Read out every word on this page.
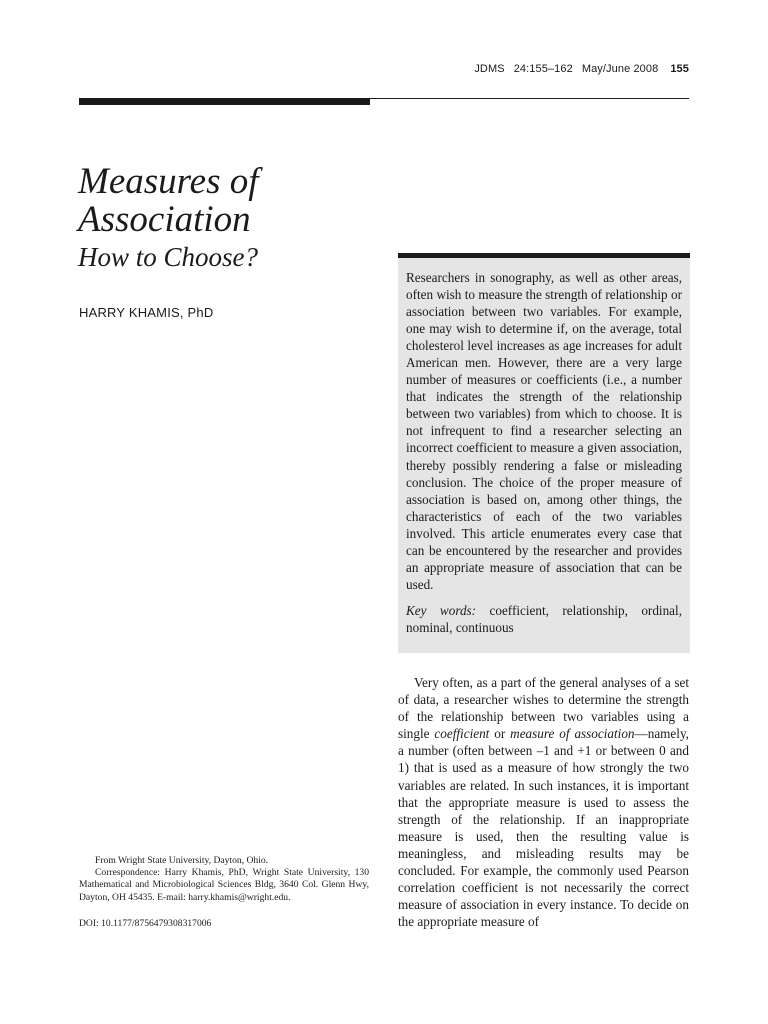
JDMS 24:155–162 May/June 2008 155
Measures of
Association
How to Choose?
HARRY KHAMIS, PhD

Researchers in sonography, as well as other areas, often wish to measure the strength of relationship or association between two variables. For example, one may wish to determine if, on the average, total cholesterol level increases as age increases for adult American men. However, there are a very large number of measures or coefficients (i.e., a number that indicates the strength of the relationship between two variables) from which to choose. It is not infrequent to find a researcher selecting an incorrect coefficient to measure a given association, thereby possibly rendering a false or misleading conclusion. The choice of the proper measure of association is based on, among other things, the characteristics of each of the two variables involved. This article enumerates every case that can be encountered by the researcher and provides an appropriate measure of association that can be used.

Key words: coefficient, relationship, ordinal, nominal, continuous

Very often, as a part of the general analyses of a set of data, a researcher wishes to determine the strength of the relationship between two variables using a single coefficient or measure of association—namely, a number (often between –1 and +1 or between 0 and 1) that is used as a measure of how strongly the two variables are related. In such instances, it is important that the appropriate measure is used to assess the strength of the relationship. If an inappropriate measure is used, then the resulting value is meaningless, and misleading results may be concluded. For example, the commonly used Pearson correlation coefficient is not necessarily the correct measure of association in every instance. To decide on the appropriate measure of

From Wright State University, Dayton, Ohio.

Correspondence: Harry Khamis, PhD, Wright State University, 130 Mathematical and Microbiological Sciences Bldg, 3640 Col. Glenn Hwy, Dayton, OH 45435. E-mail: harry.khamis@wright.edu.

DOI: 10.1177/8756479308317006
